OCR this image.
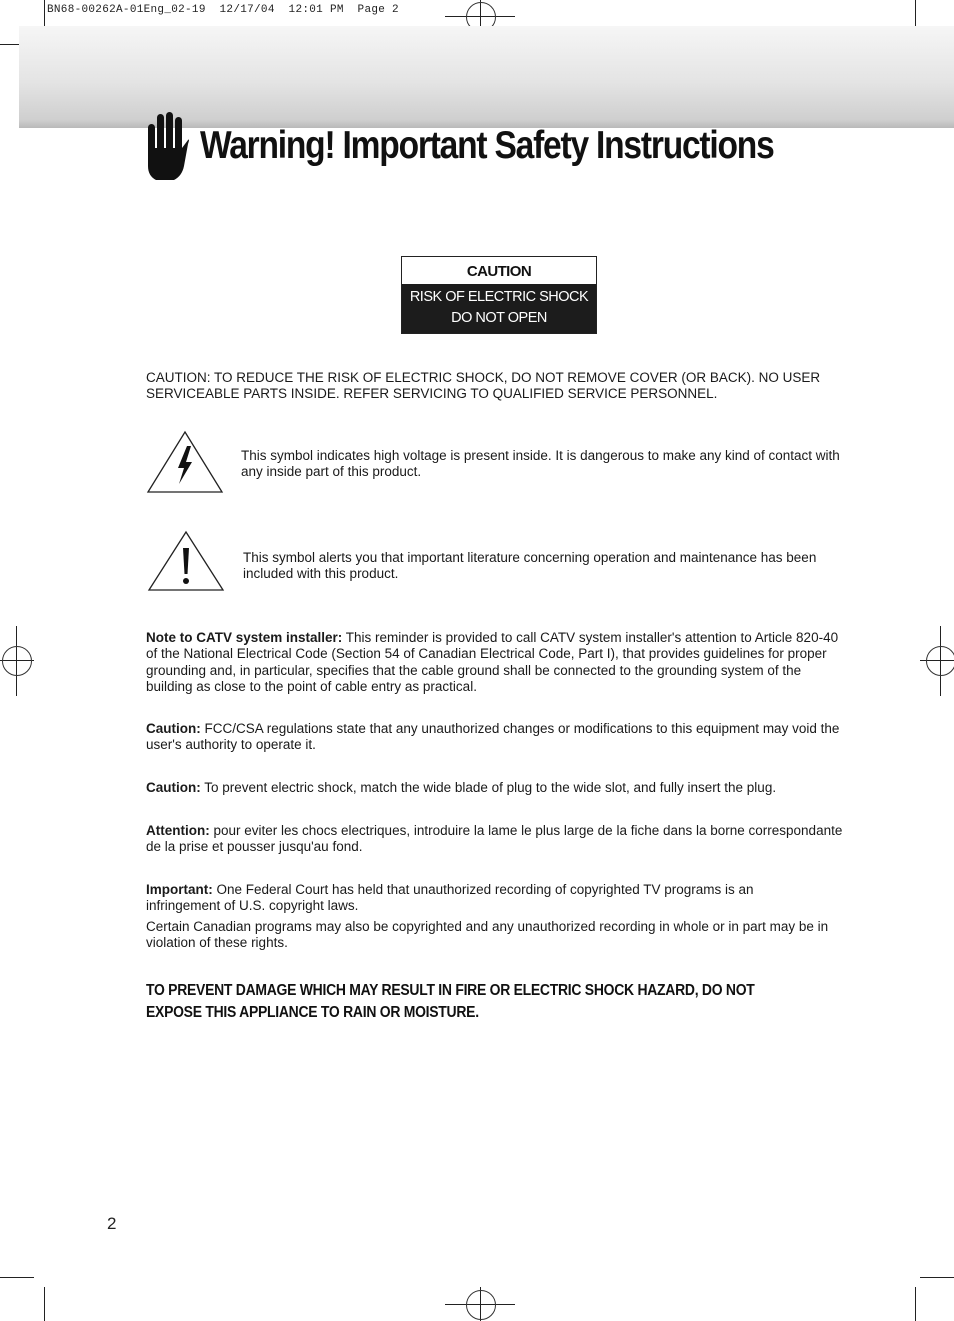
BN68-00262A-01Eng_02-19  12/17/04  12:01 PM  Page 2
Warning! Important Safety Instructions
CAUTION
RISK OF ELECTRIC SHOCK
DO NOT OPEN
CAUTION: TO REDUCE THE RISK OF ELECTRIC SHOCK, DO NOT REMOVE COVER (OR BACK). NO USER SERVICEABLE PARTS INSIDE. REFER SERVICING TO QUALIFIED SERVICE PERSONNEL.
This symbol indicates high voltage is present inside. It is dangerous to make any kind of contact with any inside part of this product.
This symbol alerts you that important literature concerning operation and maintenance has been included with this product.
Note to CATV system installer: This reminder is provided to call CATV system installer's attention to Article 820-40 of the National Electrical Code (Section 54 of Canadian Electrical Code, Part I), that provides guidelines for proper grounding and, in particular, specifies that the cable ground shall be connected to the grounding system of the building as close to the point of cable entry as practical.
Caution: FCC/CSA regulations state that any unauthorized changes or modifications to this equipment may void the user's authority to operate it.
Caution: To prevent electric shock, match the wide blade of plug to the wide slot, and fully insert the plug.
Attention: pour eviter les chocs electriques, introduire la lame le plus large de la fiche dans la borne correspondante de la prise et pousser jusqu'au fond.
Important: One Federal Court has held that unauthorized recording of copyrighted TV programs is an infringement of U.S. copyright laws.
Certain Canadian programs may also be copyrighted and any unauthorized recording in whole or in part may be in violation of these rights.
TO PREVENT DAMAGE WHICH MAY RESULT IN FIRE OR ELECTRIC SHOCK HAZARD, DO NOT EXPOSE THIS APPLIANCE TO RAIN OR MOISTURE.
2
